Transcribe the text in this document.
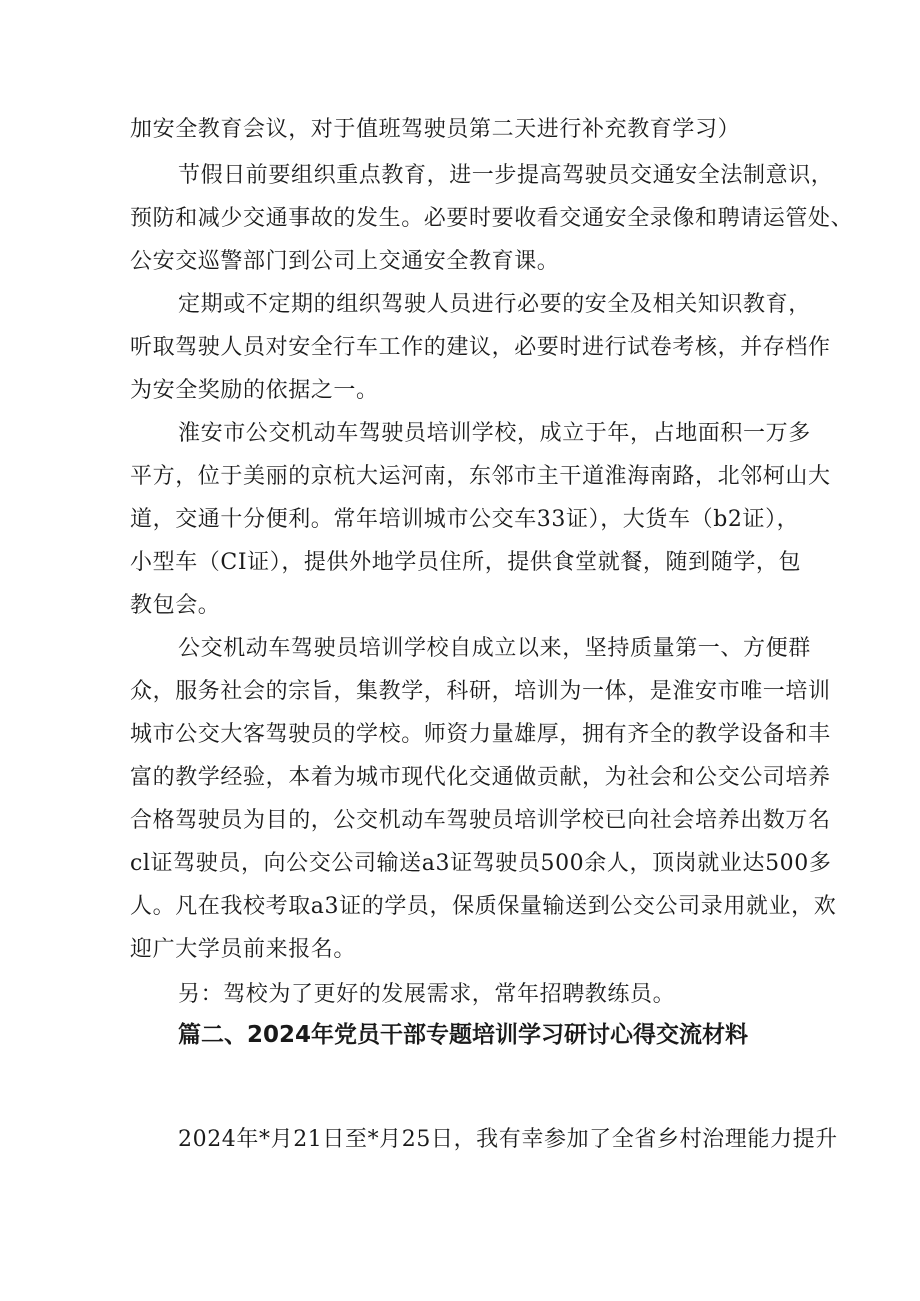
加安全教育会议，对于值班驾驶员第二天进行补充教育学习）
节假日前要组织重点教育，进一步提高驾驶员交通安全法制意识，
预防和减少交通事故的发生。必要时要收看交通安全录像和聘请运管处、
公安交巡警部门到公司上交通安全教育课。
定期或不定期的组织驾驶人员进行必要的安全及相关知识教育，
听取驾驶人员对安全行车工作的建议，必要时进行试卷考核，并存档作
为安全奖励的依据之一。
淮安市公交机动车驾驶员培训学校，成立于年，占地面积一万多
平方，位于美丽的京杭大运河南，东邻市主干道淮海南路，北邻柯山大
道，交通十分便利。常年培训城市公交车33证），大货车（b2证），
小型车（CI证），提供外地学员住所，提供食堂就餐，随到随学，包
教包会。
公交机动车驾驶员培训学校自成立以来，坚持质量第一、方便群
众，服务社会的宗旨，集教学，科研，培训为一体，是淮安市唯一培训
城市公交大客驾驶员的学校。师资力量雄厚，拥有齐全的教学设备和丰
富的教学经验，本着为城市现代化交通做贡献，为社会和公交公司培养
合格驾驶员为目的，公交机动车驾驶员培训学校已向社会培养出数万名
cl证驾驶员，向公交公司输送a3证驾驶员500余人，顶岗就业达500多
人。凡在我校考取a3证的学员，保质保量输送到公交公司录用就业，欢
迎广大学员前来报名。
另：驾校为了更好的发展需求，常年招聘教练员。
篇二、2024年党员干部专题培训学习研讨心得交流材料
2024年*月21日至*月25日，我有幸参加了全省乡村治理能力提升
